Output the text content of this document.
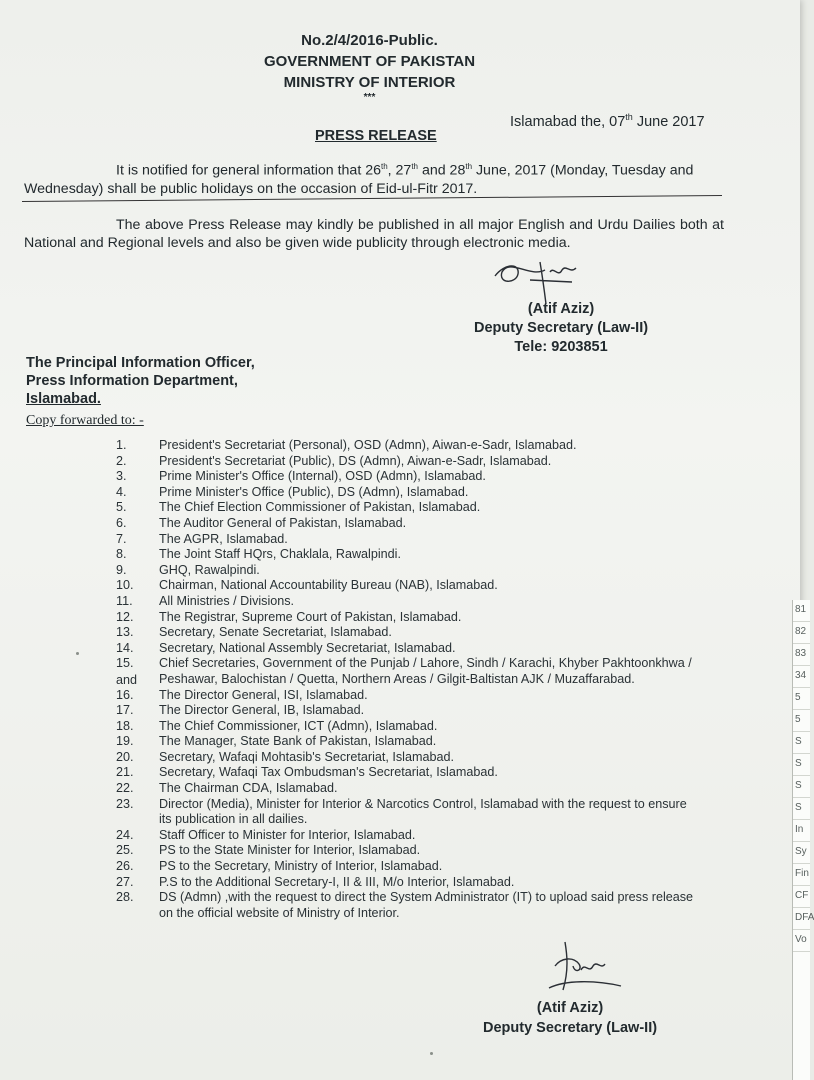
No.2/4/2016-Public.
GOVERNMENT OF PAKISTAN
MINISTRY OF INTERIOR
***
Islamabad the, 07th June 2017
PRESS RELEASE
It is notified for general information that 26th, 27th and 28th June, 2017 (Monday, Tuesday and Wednesday) shall be public holidays on the occasion of Eid-ul-Fitr 2017.
The above Press Release may kindly be published in all major English and Urdu Dailies both at National and Regional levels and also be given wide publicity through electronic media.
(Atif Aziz)
Deputy Secretary (Law-II)
Tele: 9203851
The Principal Information Officer,
Press Information Department,
Islamabad.
Copy forwarded to: -
1.	President's Secretariat (Personal), OSD (Admn), Aiwan-e-Sadr, Islamabad.
2.	President's Secretariat (Public), DS (Admn), Aiwan-e-Sadr, Islamabad.
3.	Prime Minister's Office (Internal), OSD (Admn), Islamabad.
4.	Prime Minister's Office (Public), DS (Admn), Islamabad.
5.	The Chief Election Commissioner of Pakistan, Islamabad.
6.	The Auditor General of Pakistan, Islamabad.
7.	The AGPR, Islamabad.
8.	The Joint Staff HQrs, Chaklala, Rawalpindi.
9.	GHQ, Rawalpindi.
10.	Chairman, National Accountability Bureau (NAB), Islamabad.
11.	All Ministries / Divisions.
12.	The Registrar, Supreme Court of Pakistan, Islamabad.
13.	Secretary, Senate Secretariat, Islamabad.
14.	Secretary, National Assembly Secretariat, Islamabad.
15.	Chief Secretaries, Government of the Punjab / Lahore, Sindh / Karachi, Khyber Pakhtoonkhwa / Peshawar, Balochistan / Quetta, Northern Areas / Gilgit-Baltistan AJK / Muzaffarabad.
16.	The Director General, ISI, Islamabad.
17.	The Director General, IB, Islamabad.
18.	The Chief Commissioner, ICT (Admn), Islamabad.
19.	The Manager, State Bank of Pakistan, Islamabad.
20.	Secretary, Wafaqi Mohtasib's Secretariat, Islamabad.
21.	Secretary, Wafaqi Tax Ombudsman's Secretariat, Islamabad.
22.	The Chairman CDA, Islamabad.
23.	Director (Media), Minister for Interior & Narcotics Control, Islamabad with the request to ensure its publication in all dailies.
24.	Staff Officer to Minister for Interior, Islamabad.
25.	PS to the State Minister for Interior, Islamabad.
26.	PS to the Secretary, Ministry of Interior, Islamabad.
27.	P.S to the Additional Secretary-I, II & III, M/o Interior, Islamabad.
28.	DS (Admn) ,with the request to direct the System Administrator (IT) to upload said press release on the official website of Ministry of Interior.
and
(Atif Aziz)
Deputy Secretary (Law-II)
81
82
83
34
5
5
S
S
S
S
In
Sy
Fin
CF
DFA
Vo
